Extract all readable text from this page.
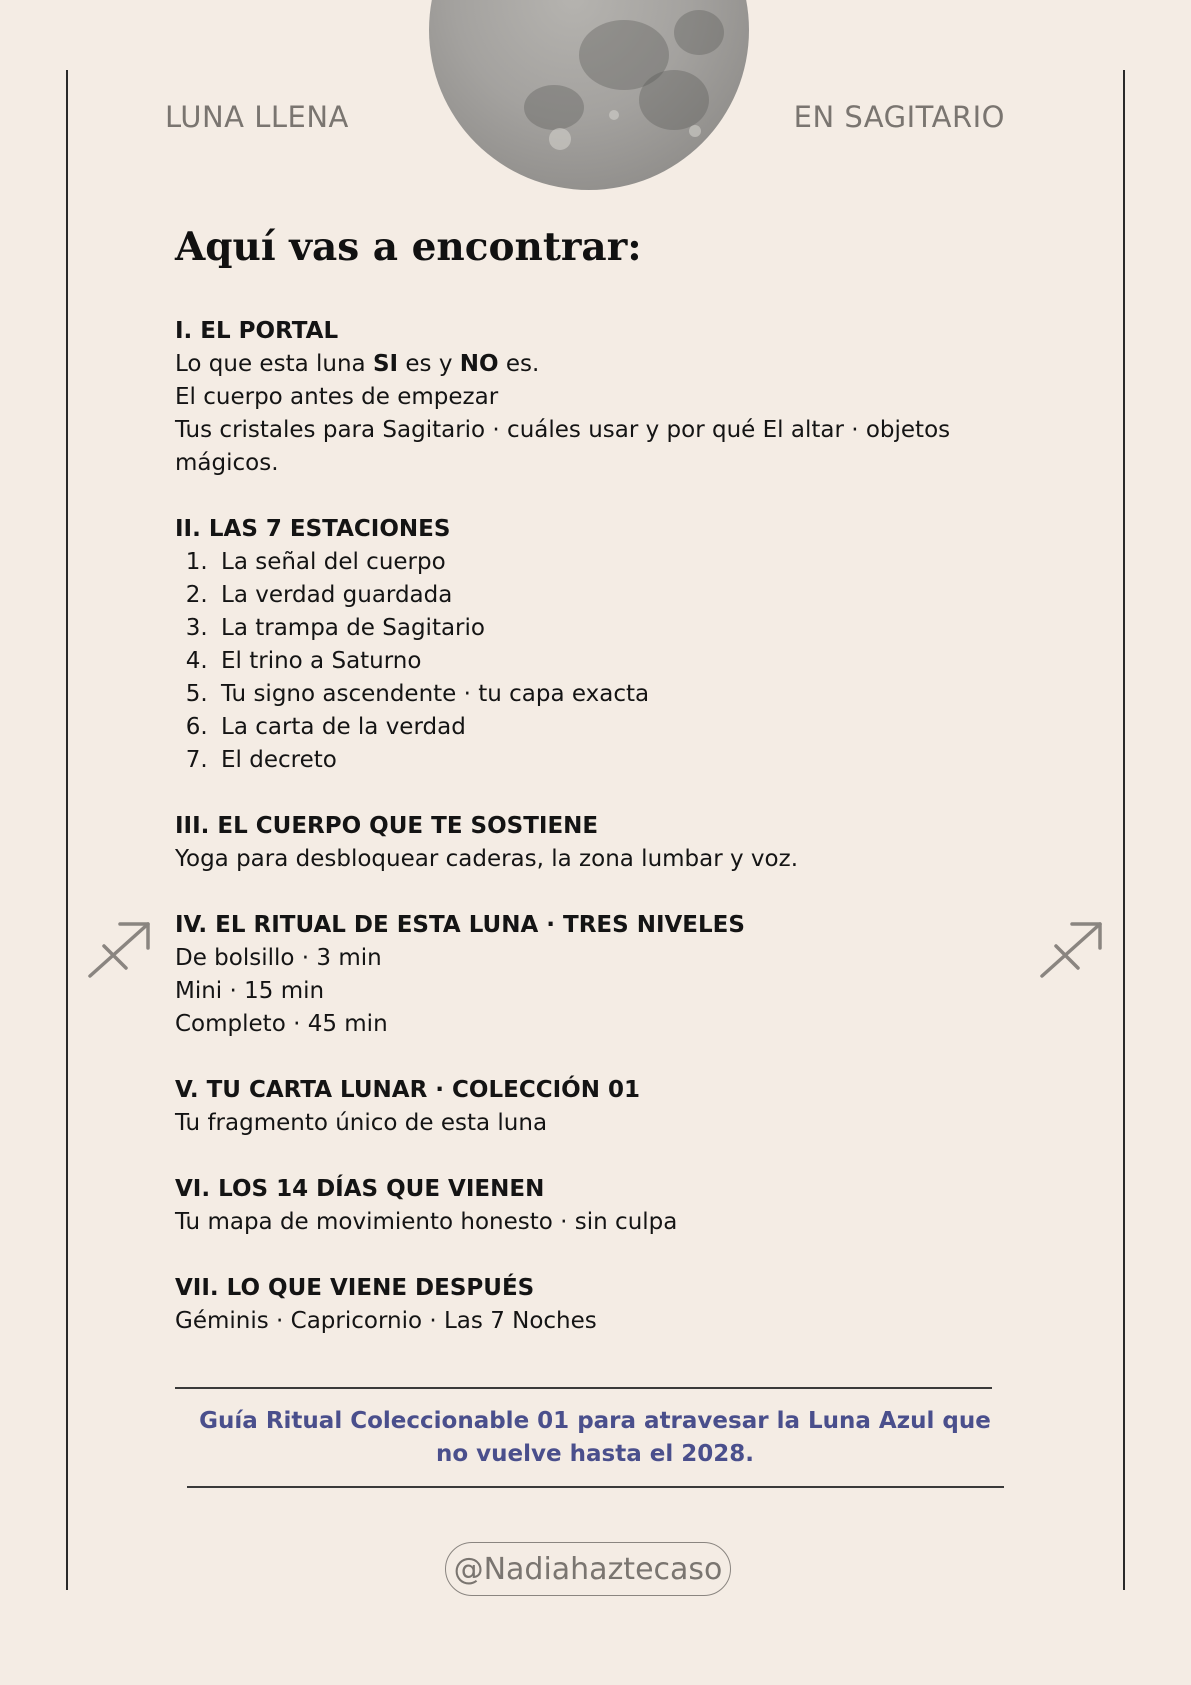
LUNA LLENA	EN SAGITARIO
Aquí vas a encontrar:
I. EL PORTAL

Lo que esta luna SI es y NO es.

El cuerpo antes de empezar

Tus cristales para Sagitario · cuáles usar y por qué El altar · objetos mágicos.

II. LAS 7 ESTACIONES
1. La señal del cuerpo
2. La verdad guardada
3. La trampa de Sagitario
4. El trino a Saturno
5. Tu signo ascendente · tu capa exacta
6. La carta de la verdad
7. El decreto
III. EL CUERPO QUE TE SOSTIENE

Yoga para desbloquear caderas, la zona lumbar y voz.

IV. EL RITUAL DE ESTA LUNA · TRES NIVELES

De bolsillo · 3 min

Mini · 15 min

Completo · 45 min

V. TU CARTA LUNAR · COLECCIÓN 01

Tu fragmento único de esta luna

VI. LOS 14 DÍAS QUE VIENEN

Tu mapa de movimiento honesto · sin culpa

VII. LO QUE VIENE DESPUÉS

Géminis · Capricornio · Las 7 Noches

Guía Ritual Coleccionable 01 para atravesar la Luna Azul que no vuelve hasta el 2028.

@Nadiahaztecaso
